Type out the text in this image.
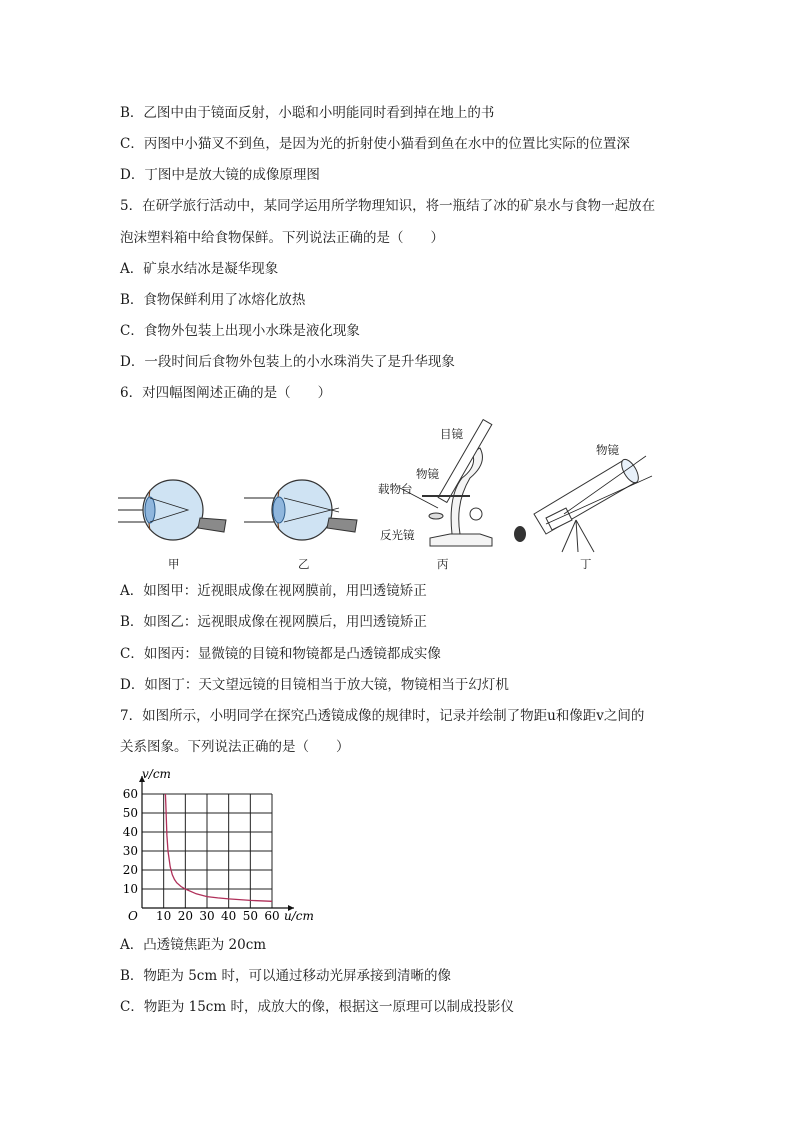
B．乙图中由于镜面反射，小聪和小明能同时看到掉在地上的书
C．丙图中小猫叉不到鱼，是因为光的折射使小猫看到鱼在水中的位置比实际的位置深
D．丁图中是放大镜的成像原理图
5．在研学旅行活动中，某同学运用所学物理知识，将一瓶结了冰的矿泉水与食物一起放在
泡沫塑料箱中给食物保鲜。下列说法正确的是（　　）
A．矿泉水结冰是凝华现象
B．食物保鲜利用了冰熔化放热
C．食物外包装上出现小水珠是液化现象
D．一段时间后食物外包装上的小水珠消失了是升华现象
6．对四幅图阐述正确的是（　　）
甲	乙
目镜
物镜
载物台
反光镜
丙
物镜
丁
A．如图甲：近视眼成像在视网膜前，用凹透镜矫正
B．如图乙：远视眼成像在视网膜后，用凹透镜矫正
C．如图丙：显微镜的目镜和物镜都是凸透镜都成实像
D．如图丁：天文望远镜的目镜相当于放大镜，物镜相当于幻灯机
7．如图所示，小明同学在探究凸透镜成像的规律时，记录并绘制了物距u和像距v之间的
关系图象。下列说法正确的是（　　）
10 20 30 40 50 60
10
20
30
40
50
60
v/cm
u/cm
O
A．凸透镜焦距为 20cm
B．物距为 5cm 时，可以通过移动光屏承接到清晰的像
C．物距为 15cm 时，成放大的像，根据这一原理可以制成投影仪
